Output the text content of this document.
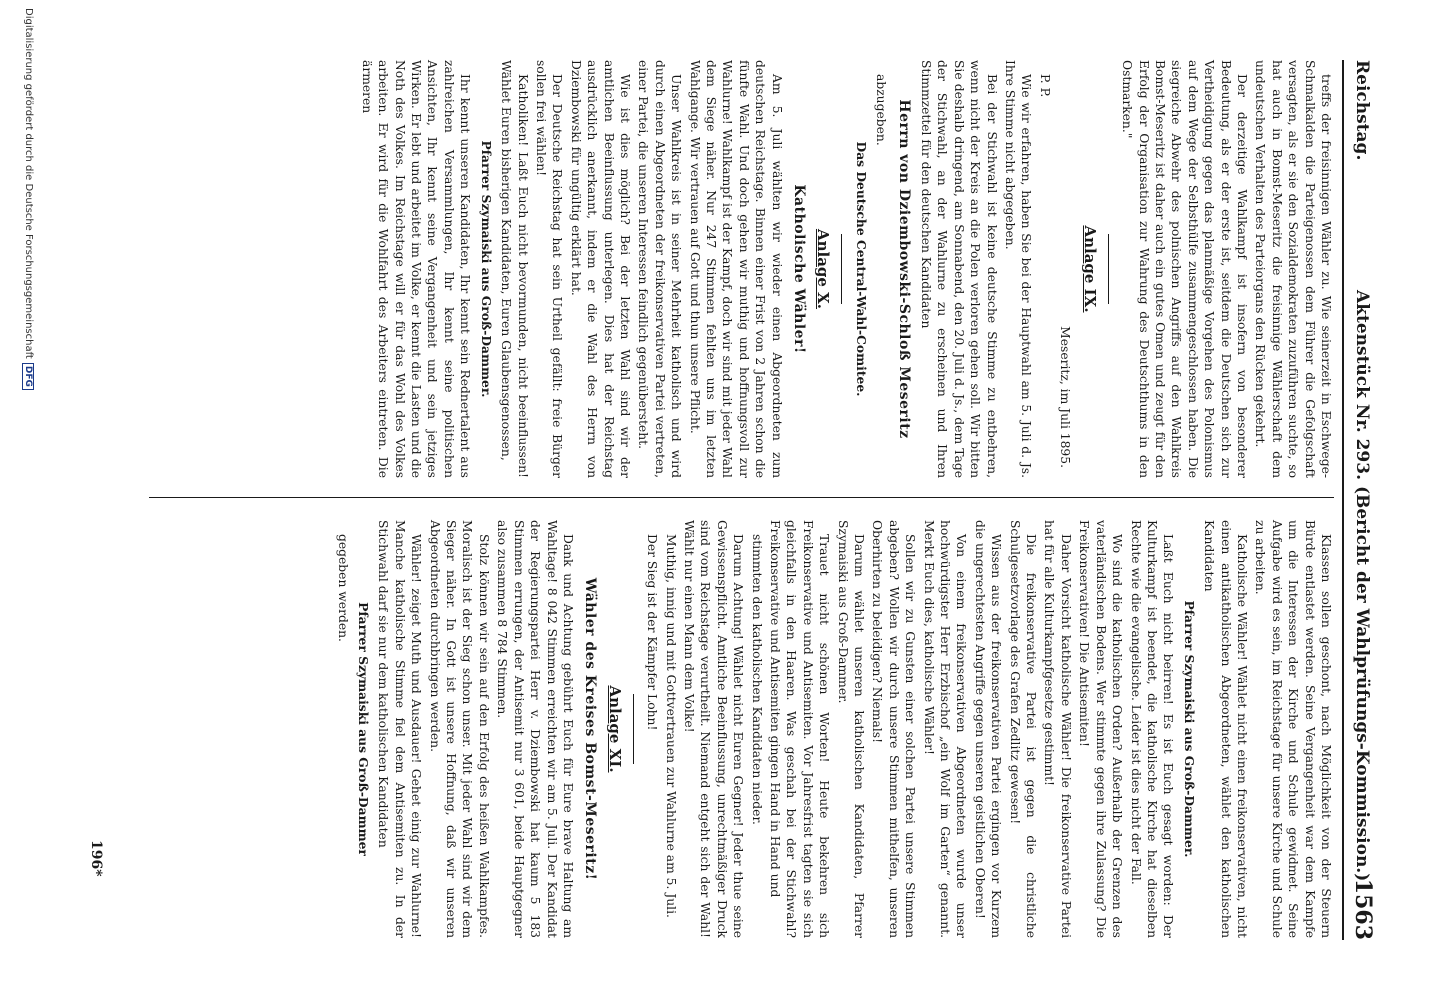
Reichstag.
Aktenstück Nr. 293. (Bericht der Wahlprüfungs-Kommission.)
1563

treffs der freisinnigen Wähler zu. Wie seinerzeit in Eschwege-Schmalkalden die Parteigenossen dem Führer die Gefolgschaft versagten, als er sie den Sozialdemokraten zuzuführen suchte, so hat auch in Bomst-Meseritz die freisinnige Wählerschaft dem undeutschen Verhalten des Parteiorgans den Rücken gekehrt.

Der derzeitige Wahlkampf ist insofern von besonderer Bedeutung, als er der erste ist, seitdem die Deutschen sich zur Vertheidigung gegen das planmäßige Vorgehen des Polonismus auf dem Wege der Selbsthülfe zusammengeschlossen haben. Die siegreiche Abwehr des polnischen Angriffs auf den Wahlkreis Bomst-Meseritz ist daher auch ein gutes Omen und zeugt für den Erfolg der Organisation zur Wahrung des Deutschthums in den Ostmarken."

Anlage IX.

Meseritz, im Juli 1895.

P. P.

Wie wir erfahren, haben Sie bei der Hauptwahl am 5. Juli d. Js. Ihre Stimme nicht abgegeben.

Bei der Stichwahl ist keine deutsche Stimme zu entbehren, wenn nicht der Kreis an die Polen verloren gehen soll. Wir bitten Sie deshalb dringend, am Sonnabend, den 20. Juli d. Js., dem Tage der Stichwahl, an der Wahlurne zu erscheinen und Ihren Stimmzettel für den deutschen Kandidaten

Herrn von Dziembowski-Schloß Meseritz

abzugeben.

Das Deutsche Central-Wahl-Comitee.
Anlage X.
Katholische Wähler!

Am 5. Juli wählten wir wieder einen Abgeordneten zum deutschen Reichstage. Binnen einer Frist von 2 Jahren schon die fünfte Wahl. Und doch gehen wir muthig und hoffnungsvoll zur Wahlurne! Wahlkampf ist der Kampf, doch wir sind mit jeder Wahl dem Siege näher. Nur 247 Stimmen fehlten uns im letzten Wahlgange. Wir vertrauen auf Gott und thun unsere Pflicht.

Unser Wahlkreis ist in seiner Mehrheit katholisch und wird durch einen Abgeordneten der freikonservativen Partei vertreten, einer Partei, die unseren Interessen feindlich gegenübersteht.

Wie ist dies möglich? Bei der letzten Wahl sind wir der amtlichen Beeinflussung unterlegen. Dies hat der Reichstag ausdrücklich anerkannt, indem er die Wahl des Herrn von Dziembowski für ungültig erklärt hat.

Der Deutsche Reichstag hat sein Urtheil gefällt: freie Bürger sollen frei wählen!

Katholiken! Laßt Euch nicht bevormunden, nicht beeinflussen! Wählet Euren bisherigen Kandidaten, Euren Glaubensgenossen,

Pfarrer Szymaiski aus Groß-Dammer.

Ihr kennt unseren Kandidaten, Ihr kennt sein Rednertalent aus zahlreichen Versammlungen, Ihr kennt seine politischen Ansichten, Ihr kennt seine Vergangenheit und sein jetziges Wirken. Er lebt und arbeitet im Volke, er kennt die Lasten und die Noth des Volkes. Im Reichstage will er für das Wohl des Volkes arbeiten. Er wird für die Wohlfahrt des Arbeiters eintreten. Die ärmeren

Klassen sollen geschont, nach Möglichkeit von der Steuern Bürde entlastet werden. Seine Vergangenheit war dem Kampfe um die Interessen der Kirche und Schule gewidmet. Seine Aufgabe wird es sein, im Reichstage für unsere Kirche und Schule zu arbeiten.

Katholische Wähler! Wählet nicht einen freikonservativen, nicht einen antikatholischen Abgeordneten, wählet den katholischen Kandidaten

Pfarrer Szymaiski aus Groß-Dammer.

Laßt Euch nicht beirren! Es ist Euch gesagt worden: Der Kulturkampf ist beendet, die katholische Kirche hat dieselben Rechte wie die evangelische. Leider ist dies nicht der Fall.

Wo sind die katholischen Orden? Außerhalb der Grenzen des vaterländischen Bodens. Wer stimmte gegen ihre Zulassung? Die Freikonservativen! Die Antisemiten!

Daher Vorsicht katholische Wähler! Die freikonservative Partei hat für alle Kulturkampfgesetze gestimmt!

Die freikonservative Partei ist gegen die christliche Schulgesetzvorlage des Grafen Zedlitz gewesen!

Wissen aus der freikonservativen Partei ergingen vor Kurzem die ungerechtesten Angriffe gegen unseren geistlichen Oberen!

Von einem freikonservativen Abgeordneten wurde unser hochwürdigster Herr Erzbischof „ein Wolf im Garten“ genannt. Merkt Euch dies, katholische Wähler!

Sollen wir zu Gunsten einer solchen Partei unsere Stimmen abgeben? Wollen wir durch unsere Stimmen mithelfen, unseren Oberhirten zu beleidigen? Niemals!

Darum wählet unseren katholischen Kandidaten, Pfarrer Szymaiski aus Groß-Dammer.

Trauet nicht schönen Worten! Heute bekehren sich Freikonservative und Antisemiten. Vor Jahresfrist tagten sie sich gleichfalls in den Haaren. Was geschah bei der Stichwahl? Freikonservative und Antisemiten gingen Hand in Hand und

stimmten den katholischen Kandidaten nieder.

Darum Achtung! Wählet nicht Euren Gegner! Jeder thue seine Gewissenspflicht. Amtliche Beeinflussung, unrechtmäßiger Druck sind vom Reichstage verurtheilt. Niemand entgeht sich der Wahl! Wählt nur einen Mann dem Volke!

Muthig, innig und mit Gottvertrauen zur Wahlurne am 5. Juli.

Der Sieg ist der Kämpfer Lohn!

Anlage XI.
Wähler des Kreises Bomst-Meseritz!

Dank und Achtung gebührt Euch für Eure brave Haltung am Wahltage! 8 042 Stimmen erreichten wir am 5. Juli. Der Kandidat der Regierungspartei Herr v. Dziembowski hat kaum 5 183 Stimmen errungen, der Antisemit nur 3 601, beide Hauptgegner also zusammen 8 784 Stimmen.

Stolz können wir sein auf den Erfolg des heißen Wahlkampfes. Moralisch ist der Sieg schon unser. Mit jeder Wahl sind wir dem Sieger näher. In Gott ist unsere Hoffnung, daß wir unseren Abgeordneten durchbringen werden.

Wähler! zeiget Muth und Ausdauer! Gehet einig zur Wahlurne! Manche katholische Stimme fiel dem Antisemiten zu. In der Stichwahl darf sie nur dem katholischen Kandidaten

Pfarrer Szymaiski aus Groß-Dammer

gegeben werden.

196*
Digitalisierung gefördert durch die Deutsche ForschungsgemeinschaftDFG
